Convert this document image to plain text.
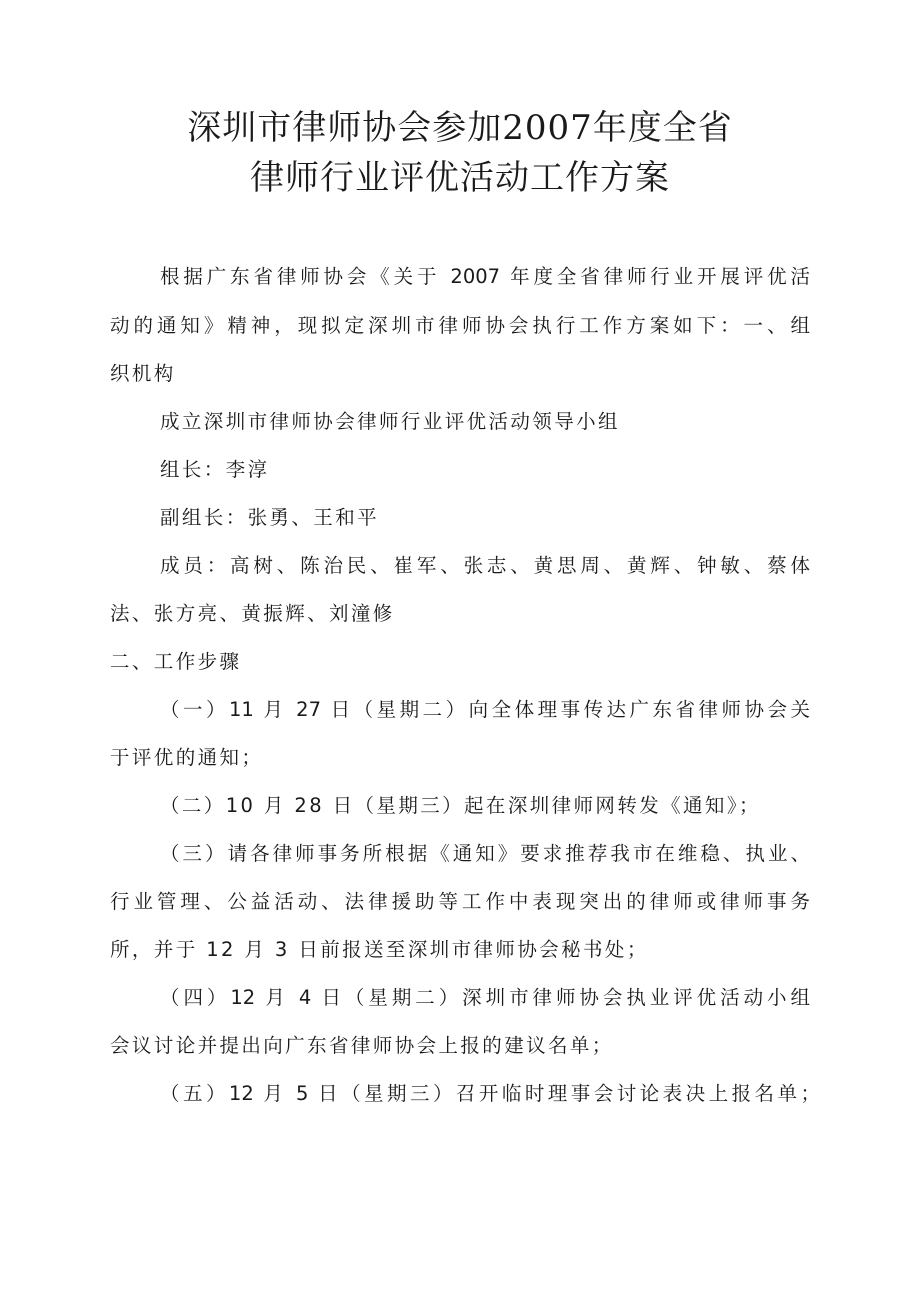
深圳市律师协会参加2007年度全省
律师行业评优活动工作方案
根据广东省律师协会《关于 2007 年度全省律师行业开展评优活
动的通知》精神，现拟定深圳市律师协会执行工作方案如下：一、组
织机构
成立深圳市律师协会律师行业评优活动领导小组
组长：李淳
副组长：张勇、王和平
成员：高树、陈治民、崔军、张志、黄思周、黄辉、钟敏、蔡体
法、张方亮、黄振辉、刘潼修
二、工作步骤
（一）11 月 27 日（星期二）向全体理事传达广东省律师协会关
于评优的通知；
（二）10 月 28 日（星期三）起在深圳律师网转发《通知》；
（三）请各律师事务所根据《通知》要求推荐我市在维稳、执业、
行业管理、公益活动、法律援助等工作中表现突出的律师或律师事务
所，并于 12 月 3 日前报送至深圳市律师协会秘书处；
（四）12 月 4 日（星期二）深圳市律师协会执业评优活动小组
会议讨论并提出向广东省律师协会上报的建议名单；
（五）12 月 5 日（星期三）召开临时理事会讨论表决上报名单；
